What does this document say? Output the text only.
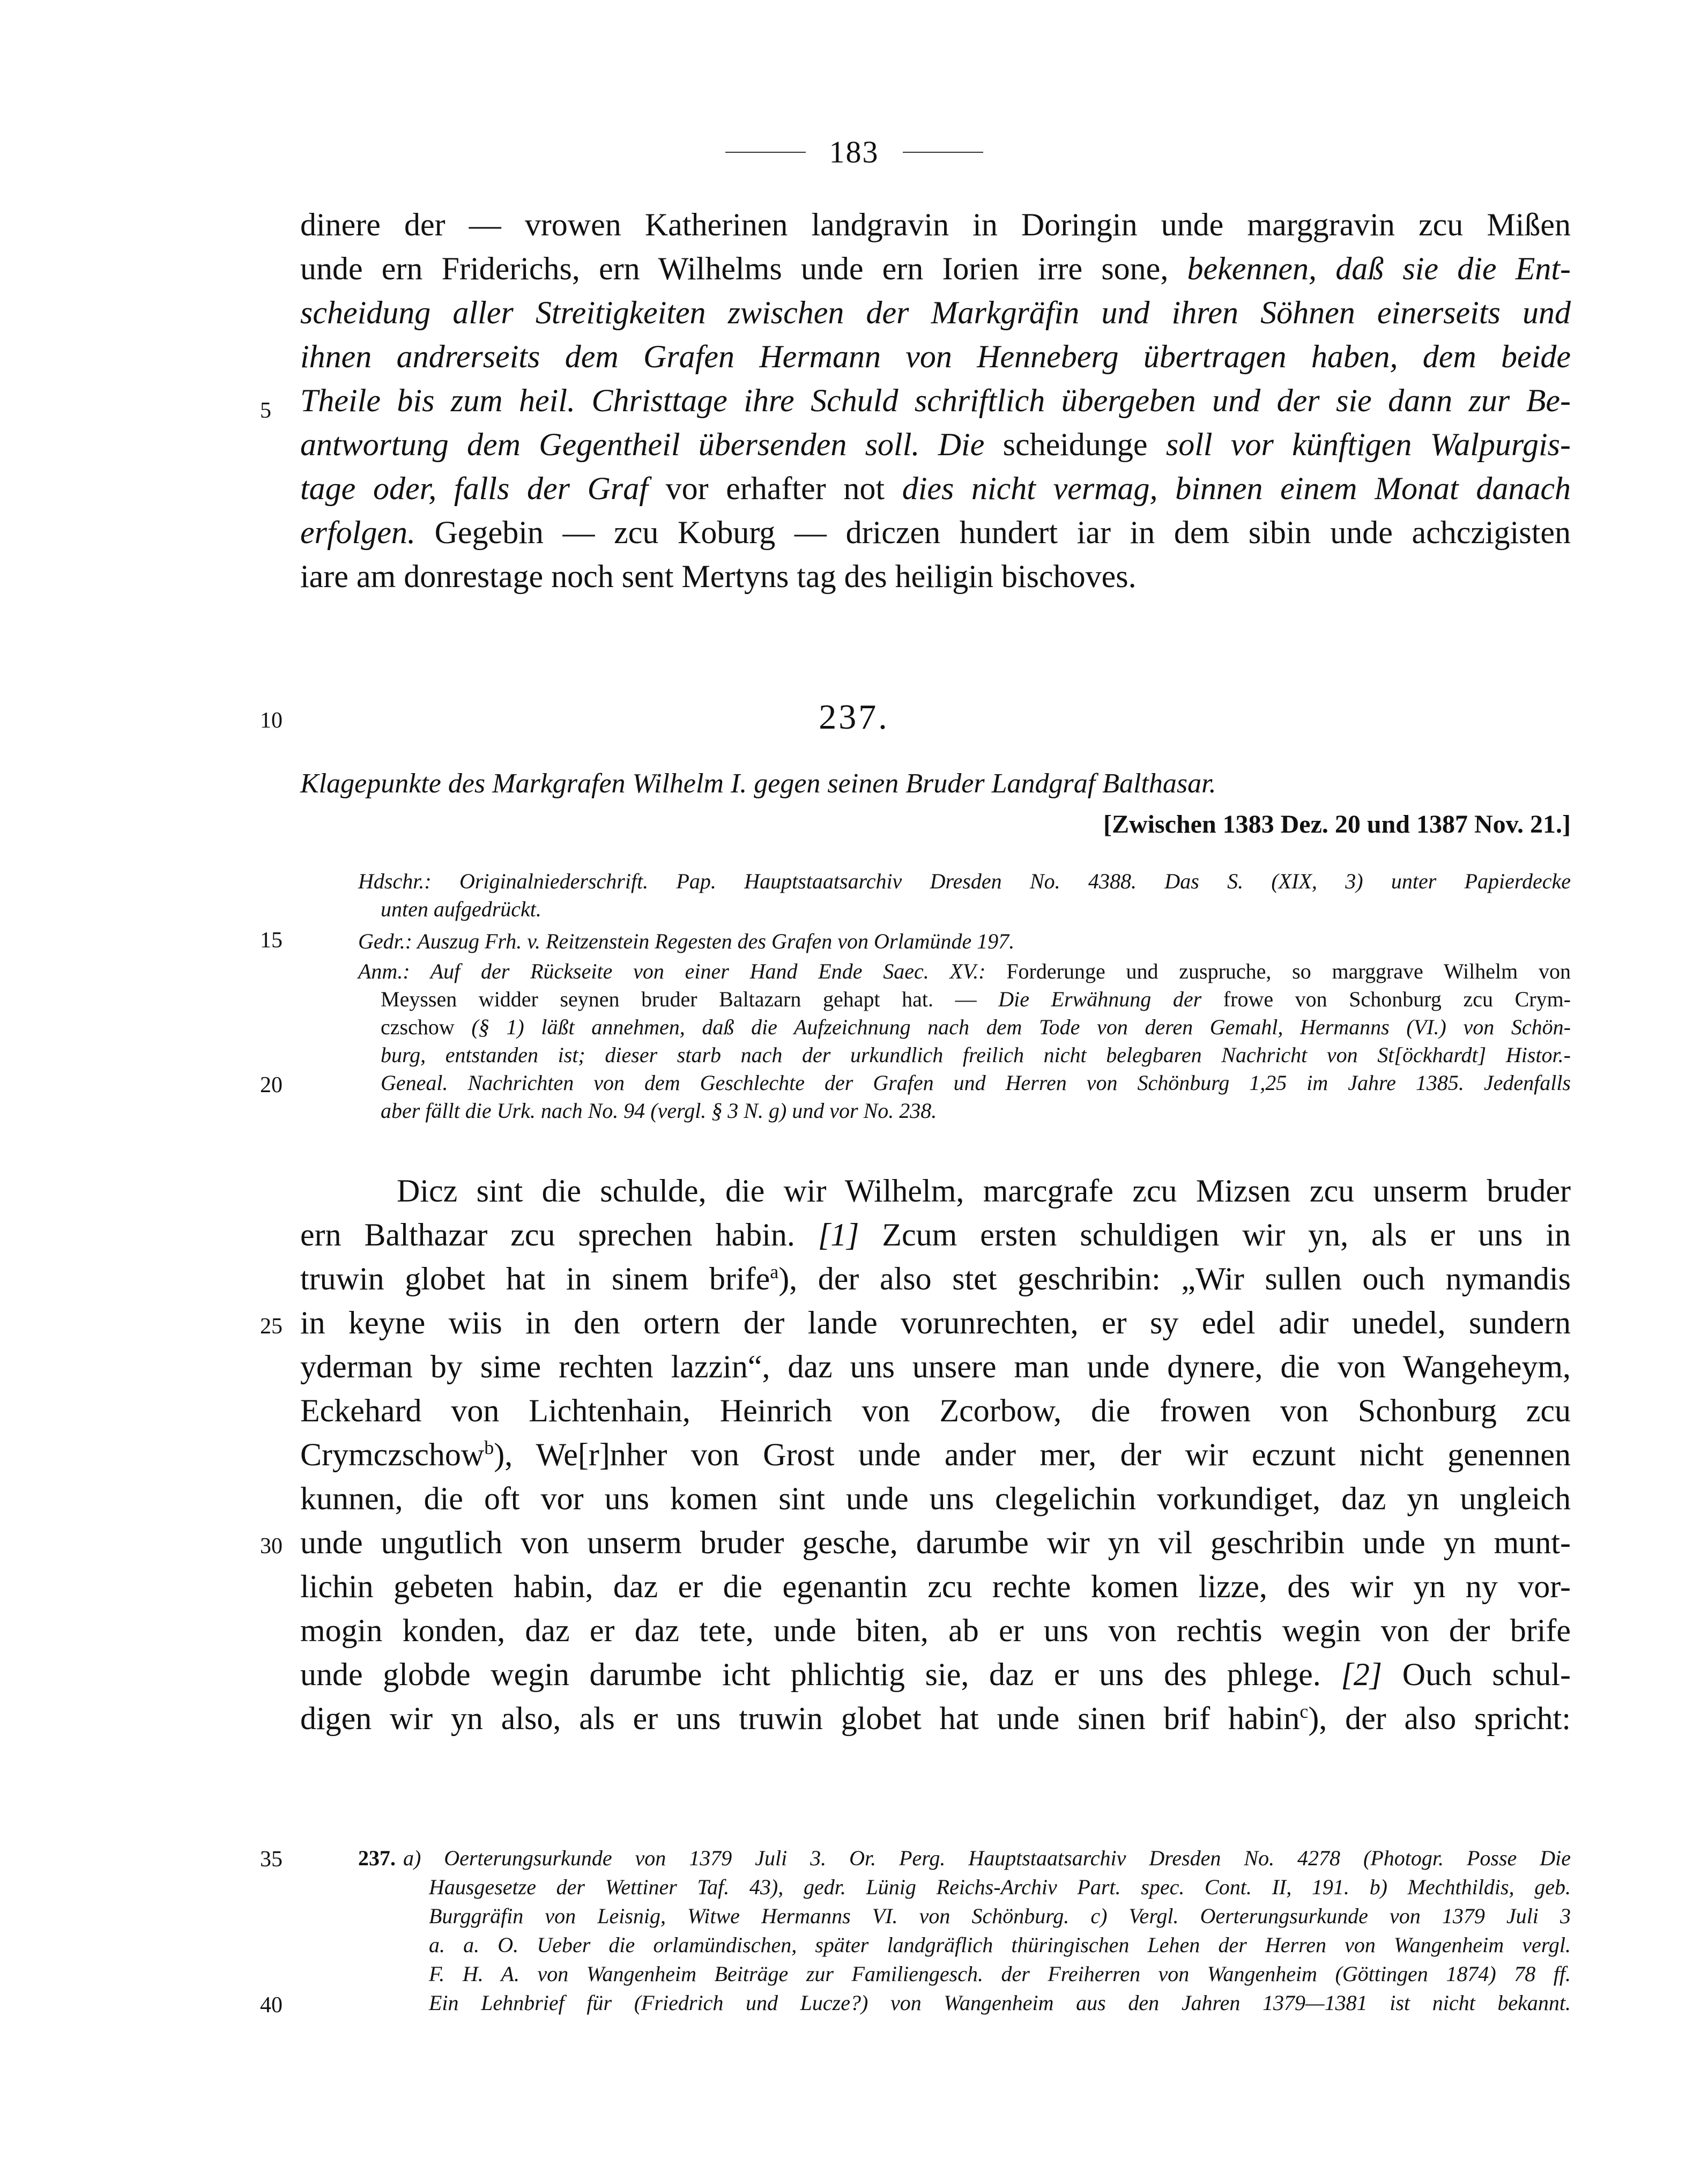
183
dinere der — vrowen Katherinen landgravin in Doringin unde marggravin zcu Mißen
unde ern Friderichs, ern Wilhelms unde ern Iorien irre sone, bekennen, daß sie die Ent-
scheidung aller Streitigkeiten zwischen der Markgräfin und ihren Söhnen einerseits und
ihnen andrerseits dem Grafen Hermann von Henneberg übertragen haben, dem beide
5 Theile bis zum heil. Christtage ihre Schuld schriftlich übergeben und der sie dann zur Be-
antwortung dem Gegentheil übersenden soll. Die scheidunge soll vor künftigen Walpurgis-
tage oder, falls der Graf vor erhafter not dies nicht vermag, binnen einem Monat danach
erfolgen. Gegebin — zcu Koburg — driczen hundert iar in dem sibin unde achczigisten
iare am donrestage noch sent Mertyns tag des heiligin bischoves.
10	237.
Klagepunkte des Markgrafen Wilhelm I. gegen seinen Bruder Landgraf Balthasar.
[Zwischen 1383 Dez. 20 und 1387 Nov. 21.]
Hdschr.: Originalniederschrift. Pap. Hauptstaatsarchiv Dresden No. 4388. Das S. (XIX, 3) unter Papierdecke
unten aufgedrückt.
15	Gedr.: Auszug Frh. v. Reitzenstein Regesten des Grafen von Orlamünde 197.
Anm.: Auf der Rückseite von einer Hand Ende Saec. XV.: Forderunge und zuspruche, so marggrave Wilhelm von
Meyssen widder seynen bruder Baltazarn gehapt hat. — Die Erwähnung der frowe von Schonburg zcu Crym-
czschow (§ 1) läßt annehmen, daß die Aufzeichnung nach dem Tode von deren Gemahl, Hermanns (VI.) von Schön-
burg, entstanden ist; dieser starb nach der urkundlich freilich nicht belegbaren Nachricht von St[öckhardt] Histor.-
20	Geneal. Nachrichten von dem Geschlechte der Grafen und Herren von Schönburg 1,25 im Jahre 1385. Jedenfalls
aber fällt die Urk. nach No. 94 (vergl. § 3 N. g) und vor No. 238.
Dicz sint die schulde, die wir Wilhelm, marcgrafe zcu Mizsen zcu unserm bruder
ern Balthazar zcu sprechen habin. [1] Zcum ersten schuldigen wir yn, als er uns in
truwin globet hat in sinem brife$^a$), der also stet geschribin: „Wir sullen ouch nymandis
25 in keyne wiis in den ortern der lande vorunrechten, er sy edel adir unedel, sundern
yderman by sime rechten lazzin“, daz uns unsere man unde dynere, die von Wangeheym,
Eckehard von Lichtenhain, Heinrich von Zcorbow, die frowen von Schonburg zcu
Crymczschow$^b$), We[r]nher von Grost unde ander mer, der wir eczunt nicht genennen
kunnen, die oft vor uns komen sint unde uns clegelichin vorkundiget, daz yn ungleich
30 unde ungutlich von unserm bruder gesche, darumbe wir yn vil geschribin unde yn munt-
lichin gebeten habin, daz er die egenantin zcu rechte komen lizze, des wir yn ny vor-
mogin konden, daz er daz tete, unde biten, ab er uns von rechtis wegin von der brife
unde globde wegin darumbe icht phlichtig sie, daz er uns des phlege. [2] Ouch schul-
digen wir yn also, als er uns truwin globet hat unde sinen brif habin$^c$), der also spricht:
35	237. a) Oerterungsurkunde von 1379 Juli 3. Or. Perg. Hauptstaatsarchiv Dresden No. 4278 (Photogr. Posse Die
Hausgesetze der Wettiner Taf. 43), gedr. Lünig Reichs-Archiv Part. spec. Cont. II, 191. b) Mechthildis, geb.
Burggräfin von Leisnig, Witwe Hermanns VI. von Schönburg. c) Vergl. Oerterungsurkunde von 1379 Juli 3
a. a. O. Ueber die orlamündischen, später landgräflich thüringischen Lehen der Herren von Wangenheim vergl.
F. H. A. von Wangenheim Beiträge zur Familiengesch. der Freiherren von Wangenheim (Göttingen 1874) 78 ff.
40	Ein Lehnbrief für (Friedrich und Lucze?) von Wangenheim aus den Jahren 1379—1381 ist nicht bekannt.
